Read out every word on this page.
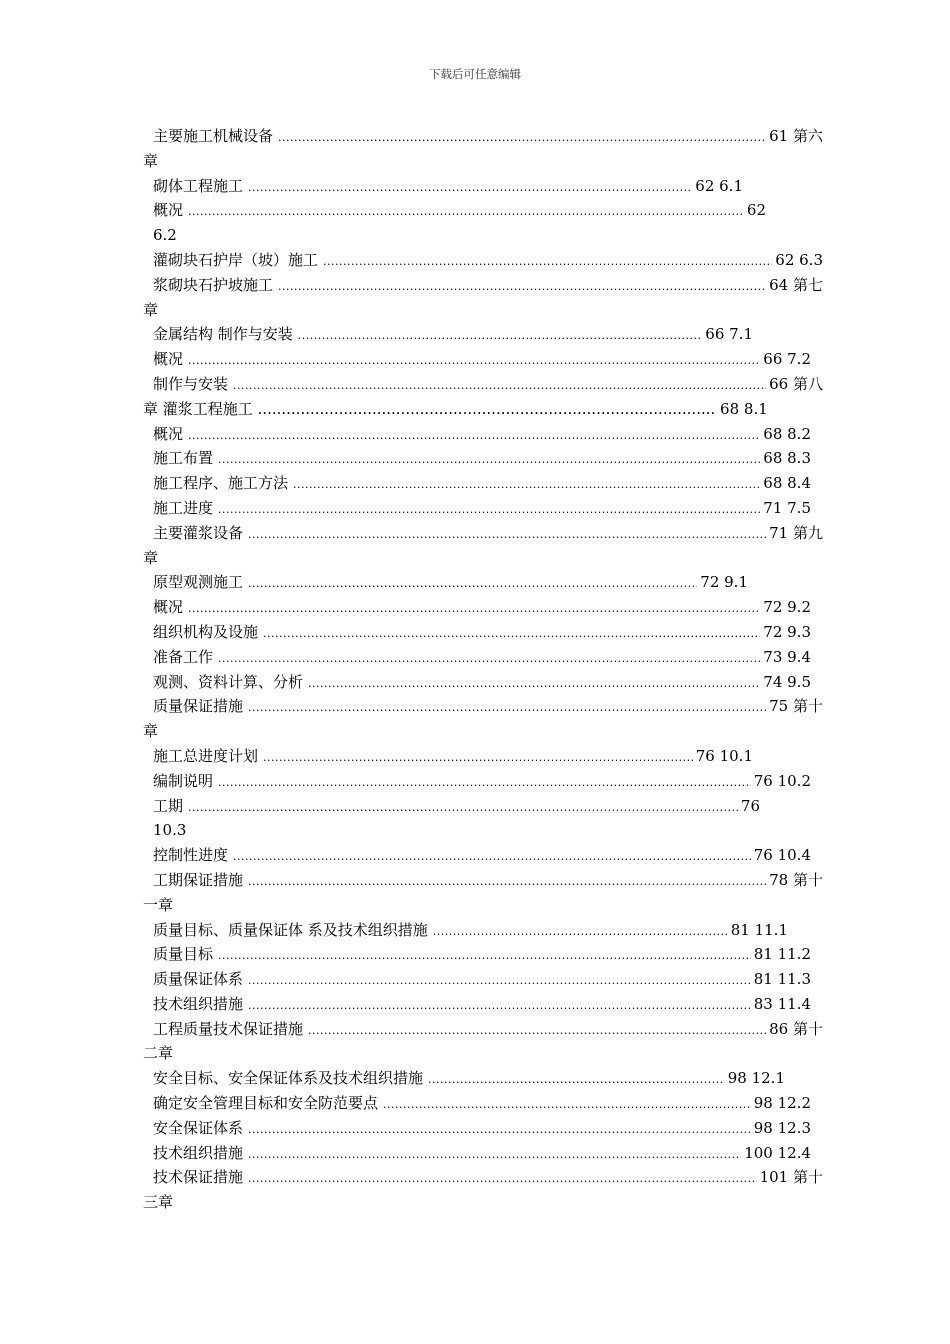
下载后可任意编辑
主要施工机械设备 .....	61 第六
章
砌体工程施工 .....	62 6.1
概况 .....	62
6.2
灌砌块石护岸（坡）施工 .....	62 6.3
浆砌块石护坡施工 .....	64 第七
章
金属结构 制作与安装 .....	66 7.1
概况 .....	66 7.2
制作与安装 .....	66 第八
章 灌浆工程施工 ................................................................................................ 68 8.1
概况 .....	68 8.2
施工布置 .....	68 8.3
施工程序、施工方法 .....	68 8.4
施工进度 .....	71 7.5
主要灌浆设备 .....	71 第九
章
原型观测施工 .....	72 9.1
概况 .....	72 9.2
组织机构及设施 .....	72 9.3
准备工作 .....	73 9.4
观测、资料计算、分析 .....	74 9.5
质量保证措施 .....	75 第十
章
施工总进度计划 .....	76 10.1
编制说明 .....	76 10.2
工期 .....	76
10.3
控制性进度 .....	76 10.4
工期保证措施 .....	78 第十
一章
质量目标、质量保证体 系及技术组织措施 .....	81 11.1
质量目标 .....	81 11.2
质量保证体系 .....	81 11.3
技术组织措施 .....	83 11.4
工程质量技术保证措施 .....	86 第十
二章
安全目标、安全保证体系及技术组织措施 .....	98 12.1
确定安全管理目标和安全防范要点 .....	98 12.2
安全保证体系 .....	98 12.3
技术组织措施 .....	100 12.4
技术保证措施 .....	101 第十
三章
